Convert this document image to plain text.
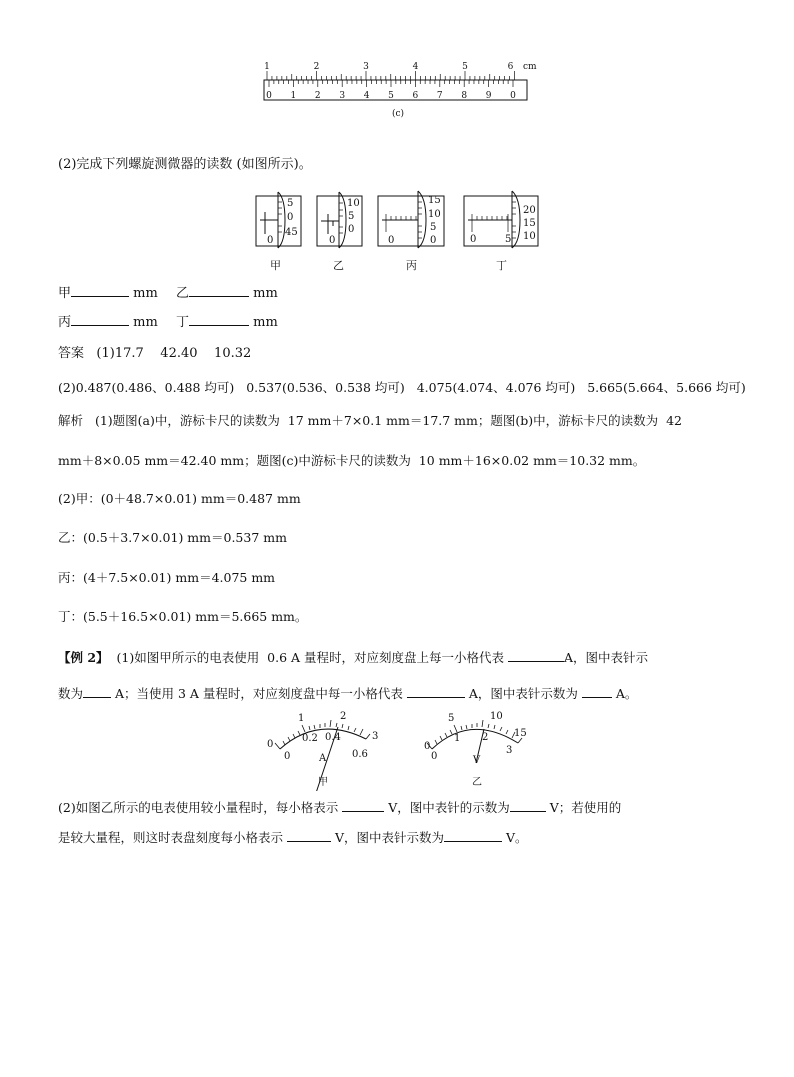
1	2	3	4	5	6 cm
0 1 2 3 4 5 6 7 8 9 0
(c)
(2)完成下列螺旋测微器的读数 (如图所示)。
5
0
45
0
10
5
0
0
15
10
5
0
0
20
15
10
0	5
甲	乙	丙	丁
甲	mm 乙	mm
丙	mm 丁	mm
答案 (1)17.7    42.40    10.32
(2)0.487(0.486、0.488 均可)   0.537(0.536、0.538 均可)   4.075(4.074、4.076 均可)   5.665(5.664、5.666 均可)
解析 (1)题图(a)中，游标卡尺的读数为  17 mm＋7×0.1 mm＝17.7 mm；题图(b)中，游标卡尺的读数为  42
mm＋8×0.05 mm＝42.40 mm；题图(c)中游标卡尺的读数为  10 mm＋16×0.02 mm＝10.32 mm。
(2)甲：(0＋48.7×0.01) mm＝0.487 mm
乙：(0.5＋3.7×0.01) mm＝0.537 mm
丙：(4＋7.5×0.01) mm＝4.075 mm
丁：(5.5＋16.5×0.01) mm＝5.665 mm。
【例 2】 (1)如图甲所示的电表使用  0.6 A 量程时，对应刻度盘上每一小格代表	A，图中表针示
数为	A；当使用 3 A 量程时，对应刻度盘中每一小格代表	A，图中表针示数为	A。
0
1	2
3
0
0.2 0.4
0.6
A
甲
0
5	10
15
0
1 2
3
V
乙
(2)如图乙所示的电表使用较小量程时，每小格表示	V，图中表针的示数为	V；若使用的
是较大量程，则这时表盘刻度每小格表示	V，图中表针示数为	V。
